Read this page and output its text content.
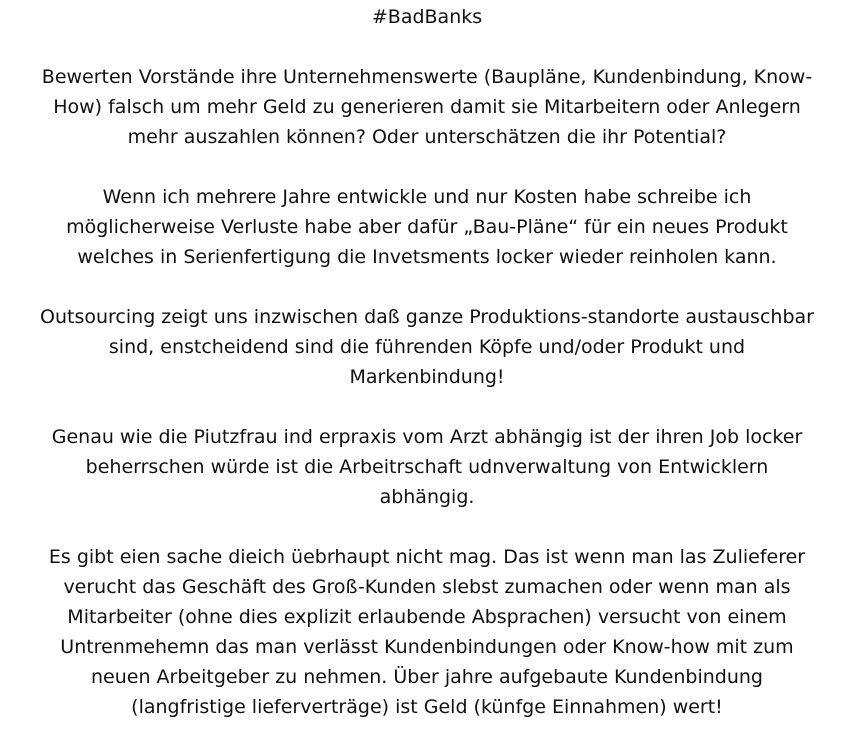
#BadBanks

Bewerten Vorstände ihre Unternehmenswerte (Baupläne, Kundenbindung, Know-
How) falsch um mehr Geld zu generieren damit sie Mitarbeitern oder Anlegern
mehr auszahlen können? Oder unterschätzen die ihr Potential?

Wenn ich mehrere Jahre entwickle und nur Kosten habe schreibe ich
möglicherweise Verluste habe aber dafür „Bau-Pläne“ für ein neues Produkt
welches in Serienfertigung die Invetsments locker wieder reinholen kann.

Outsourcing zeigt uns inzwischen daß ganze Produktions-standorte austauschbar
sind, enstcheidend sind die führenden Köpfe und/oder Produkt und
Markenbindung!

Genau wie die Piutzfrau ind erpraxis vom Arzt abhängig ist der ihren Job locker
beherrschen würde ist die Arbeitrschaft udnverwaltung von Entwicklern
abhängig.

Es gibt eien sache dieich üebrhaupt nicht mag. Das ist wenn man las Zulieferer
verucht das Geschäft des Groß-Kunden slebst zumachen oder wenn man als
Mitarbeiter (ohne dies explizit erlaubende Absprachen) versucht von einem
Untrenmehemn das man verlässt Kundenbindungen oder Know-how mit zum
neuen Arbeitgeber zu nehmen. Über jahre aufgebaute Kundenbindung
(langfristige lieferverträge) ist Geld (künfge Einnahmen) wert!
